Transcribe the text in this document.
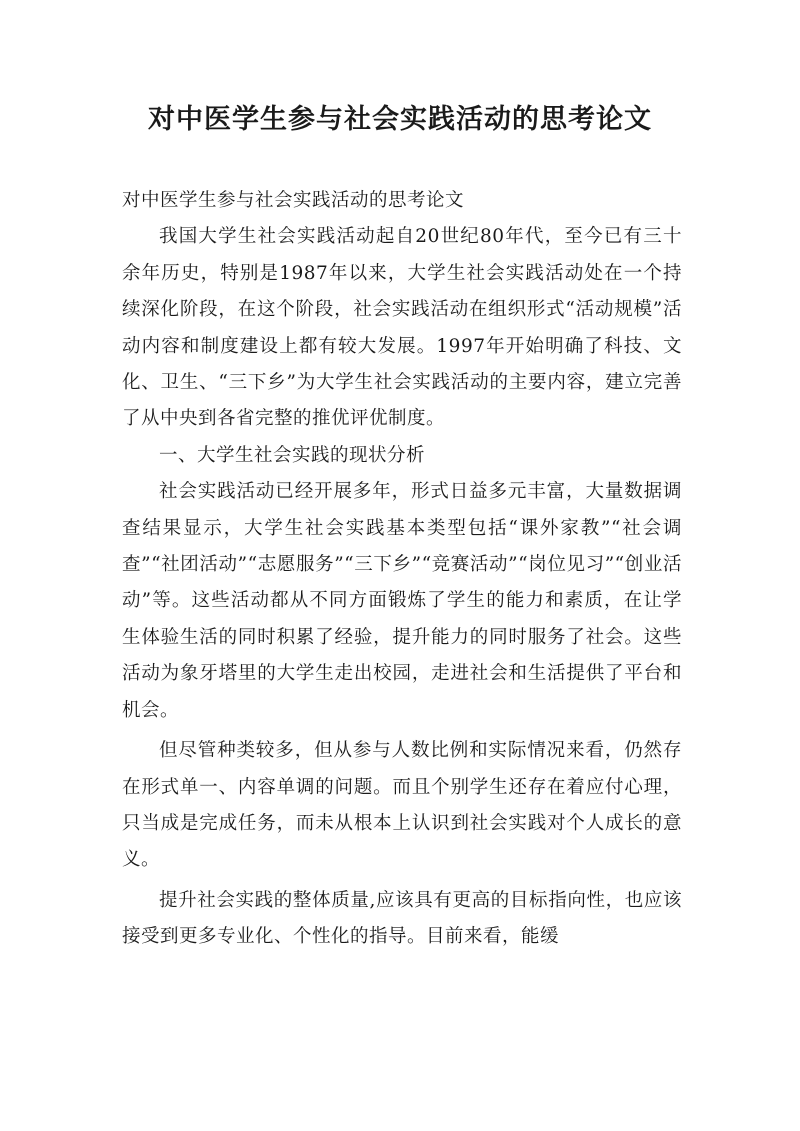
对中医学生参与社会实践活动的思考论文

对中医学生参与社会实践活动的思考论文

我国大学生社会实践活动起自20世纪80年代，至今已有三十余年历史，特别是1987年以来，大学生社会实践活动处在一个持续深化阶段，在这个阶段，社会实践活动在组织形式“活动规模”活动内容和制度建设上都有较大发展。1997年开始明确了科技、文化、卫生、“三下乡”为大学生社会实践活动的主要内容，建立完善了从中央到各省完整的推优评优制度。

一、大学生社会实践的现状分析

社会实践活动已经开展多年，形式日益多元丰富，大量数据调查结果显示，大学生社会实践基本类型包括“课外家教”“社会调查”“社团活动”“志愿服务”“三下乡”“竞赛活动”“岗位见习”“创业活动”等。这些活动都从不同方面锻炼了学生的能力和素质，在让学生体验生活的同时积累了经验，提升能力的同时服务了社会。这些活动为象牙塔里的大学生走出校园，走进社会和生活提供了平台和机会。

但尽管种类较多，但从参与人数比例和实际情况来看，仍然存在形式单一、内容单调的问题。而且个别学生还存在着应付心理，只当成是完成任务，而未从根本上认识到社会实践对个人成长的意义。

提升社会实践的整体质量,应该具有更高的目标指向性，也应该接受到更多专业化、个性化的指导。目前来看，能缓
